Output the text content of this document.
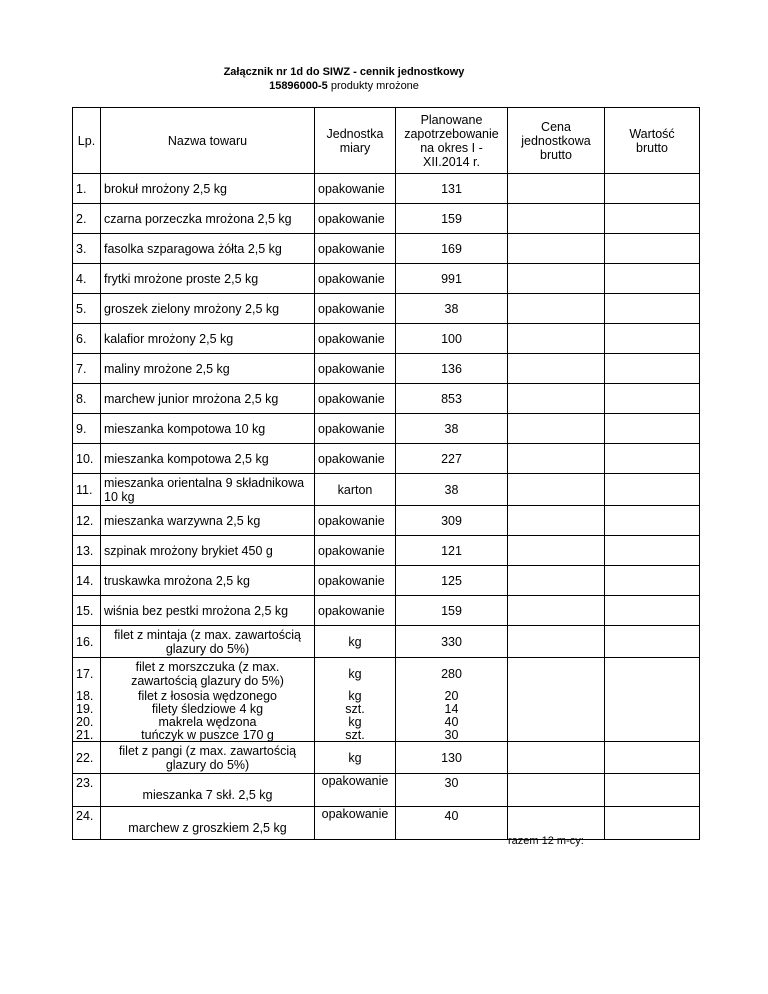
Załącznik nr 1d do SIWZ - cennik jednostkowy
15896000-5 produkty mrożone
Lp.	Nazwa towaru	Jednostka miary	Planowane zapotrzebowanie na okres I - XII.2014 r.	Cena jednostkowa brutto	Wartość brutto
1.	brokuł mrożony 2,5 kg	opakowanie	131		
2.	czarna porzeczka mrożona 2,5 kg	opakowanie	159		
3.	fasolka szparagowa żółta 2,5 kg	opakowanie	169		
4.	frytki mrożone proste 2,5 kg	opakowanie	991		
5.	groszek zielony mrożony 2,5 kg	opakowanie	38		
6.	kalafior mrożony 2,5 kg	opakowanie	100		
7.	maliny mrożone 2,5 kg	opakowanie	136		
8.	marchew junior mrożona 2,5 kg	opakowanie	853		
9.	mieszanka kompotowa 10 kg	opakowanie	38		
10.	mieszanka kompotowa 2,5 kg	opakowanie	227		
11.	mieszanka orientalna 9 składnikowa 10 kg	karton	38		
12.	mieszanka warzywna 2,5 kg	opakowanie	309		
13.	szpinak mrożony brykiet 450 g	opakowanie	121		
14.	truskawka mrożona 2,5 kg	opakowanie	125		
15.	wiśnia bez pestki mrożona 2,5 kg	opakowanie	159		
16.	filet z mintaja (z max. zawartością glazury do 5%)	kg	330		
17.	filet z morszczuka (z max. zawartością glazury do 5%)	kg	280		
18.	filet z łososia wędzonego	kg	20		
19.	filety śledziowe 4 kg	szt.	14		
20.	makrela wędzona	kg	40		
21.	tuńczyk w puszce 170 g	szt.	30		
22.	filet z pangi (z max. zawartością glazury do 5%)	kg	130		
23.	mieszanka 7 skł. 2,5 kg	opakowanie	30		
24.	marchew z groszkiem 2,5 kg	opakowanie	40		
razem 12 m-cy:
